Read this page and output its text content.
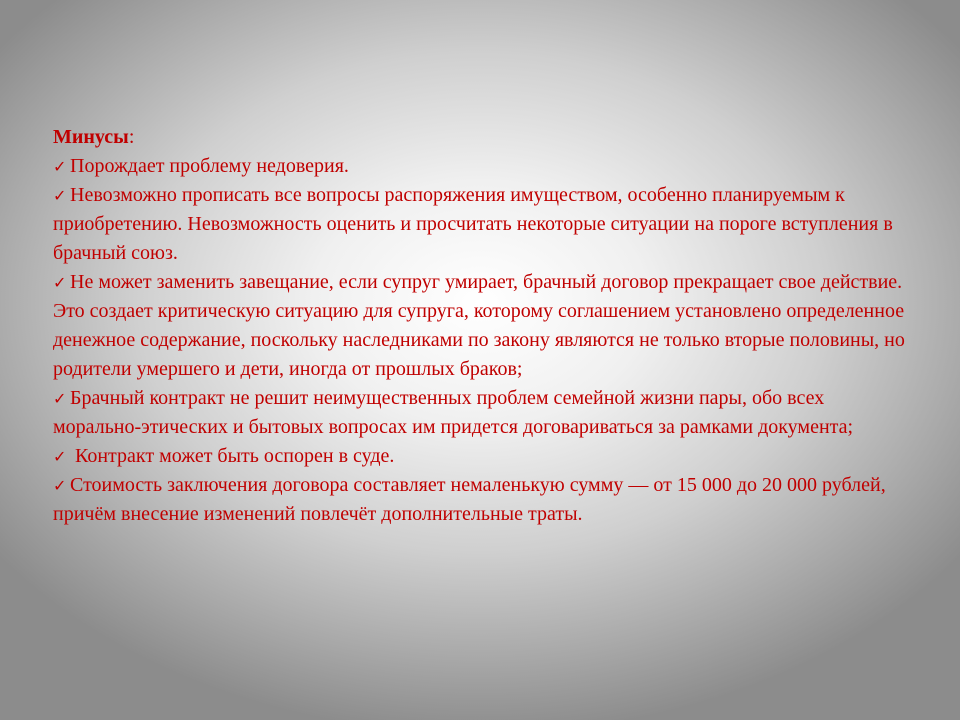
Минусы:
✓ Порождает проблему недоверия.
✓ Невозможно прописать все вопросы распоряжения имуществом, особенно планируемым к приобретению. Невозможность оценить и просчитать некоторые ситуации на пороге вступления в брачный союз.
✓ Не может заменить завещание, если супруг умирает, брачный договор прекращает свое действие. Это создает критическую ситуацию для супруга, которому соглашением установлено определенное денежное содержание, поскольку наследниками по закону являются не только вторые половины, но родители умершего и дети, иногда от прошлых браков;
✓ Брачный контракт не решит неимущественных проблем семейной жизни пары, обо всех морально-этических и бытовых вопросах им придется договариваться за рамками документа;
✓ Контракт может быть оспорен в суде.
✓ Стоимость заключения договора составляет немаленькую сумму — от 15 000 до 20 000 рублей, причём внесение изменений повлечёт дополнительные траты.
